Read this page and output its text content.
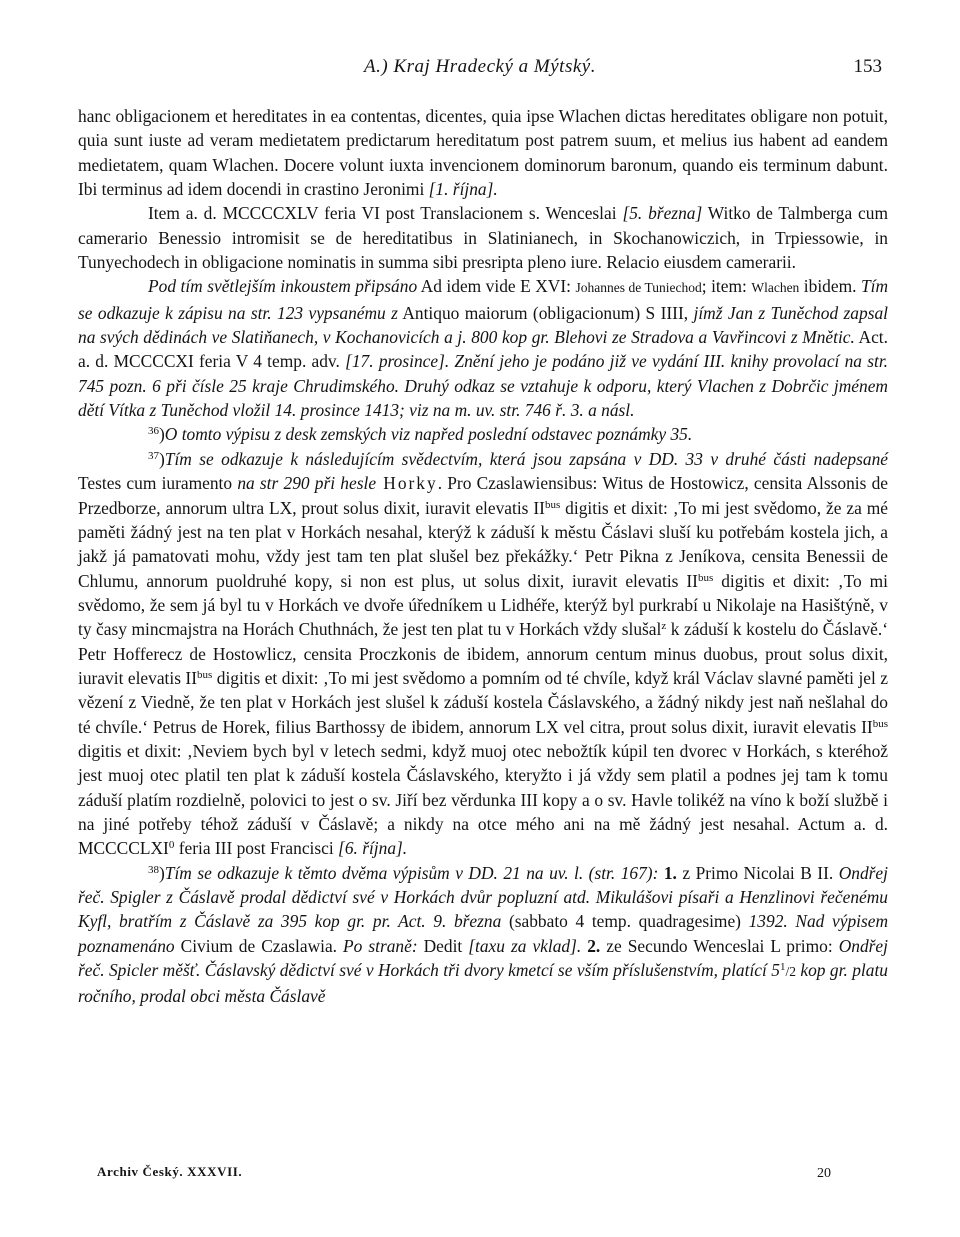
A.) Kraj Hradecký a Mýtský.	153

hanc obligacionem et hereditates in ea contentas, dicentes, quia ipse Wlachen dictas hereditates obligare non potuit, quia sunt iuste ad veram medietatem predictarum hereditatum post patrem suum, et melius ius habent ad eandem medietatem, quam Wlachen. Docere volunt iuxta invencionem dominorum baronum, quando eis terminum dabunt. Ibi terminus ad idem docendi in crastino Jeronimi [1. října].

Item a. d. MCCCCXLV feria VI post Translacionem s. Wenceslai [5. března] Witko de Talmberga cum camerario Benessio intromisit se de hereditatibus in Slatinianech, in Skochanowiczich, in Trpiessowie, in Tunyechodech in obligacione nominatis in summa sibi presripta pleno iure. Relacio eiusdem camerarii.

Pod tím světlejším inkoustem připsáno Ad idem vide E XVI: Johannes de Tuniechod; item: Wlachen ibidem. Tím se odkazuje k zápisu na str. 123 vypsanému z Antiquo maiorum (obligacionum) S IIII, jímž Jan z Tuněchod zapsal na svých dědinách ve Slatiňanech, v Kochanovicích a j. 800 kop gr. Blehovi ze Stradova a Vavřincovi z Mnětic. Act. a. d. MCCCCXI feria V 4 temp. adv. [17. prosince]. Znění jeho je podáno již ve vydání III. knihy provolací na str. 745 pozn. 6 při čísle 25 kraje Chrudimského. Druhý odkaz se vztahuje k odporu, který Vlachen z Dobrčic jménem dětí Vítka z Tuněchod vložil 14. prosince 1413; viz na m. uv. str. 746 ř. 3. a násl.

$^{36}$)O tomto výpisu z desk zemských viz napřed poslední odstavec poznámky 35.

$^{37}$)Tím se odkazuje k následujícím svědectvím, která jsou zapsána v DD. 33 v druhé části nadepsané Testes cum iuramento na str 290 při hesle Horky. Pro Czaslawiensibus: Witus de Hostowicz, censita Alssonis de Przedborze, annorum ultra LX, prout solus dixit, iuravit elevatis $II^{bus}$ digitis et dixit: ‚To mi jest svědomo, že za mé paměti žádný jest na ten plat v Horkách nesahal, kterýž k záduší k městu Čáslavi sluší ku potřebám kostela jich, a jakž já pamatovati mohu, vždy jest tam ten plat slušel bez překážky.‘ Petr Pikna z Jeníkova, censita Benessii de Chlumu, annorum puoldruhé kopy, si non est plus, ut solus dixit, iuravit elevatis $II^{bus}$ digitis et dixit: ‚To mi svědomo, že sem já byl tu v Horkách ve dvoře úředníkem u Lidhéře, kterýž byl purkrabí u Nikolaje na Hasištýně, v ty časy mincmajstra na Horách Chuthnách, že jest ten plat tu v Horkách vždy slušal$^z$ k záduší k kostelu do Čáslavě.‘ Petr Hofferecz de Hostowlicz, censita Proczkonis de ibidem, annorum centum minus duobus, prout solus dixit, iuravit elevatis $II^{bus}$ digitis et dixit: ‚To mi jest svědomo a pomním od té chvíle, když král Václav slavné paměti jel z vězení z Viedně, že ten plat v Horkách jest slušel k záduší kostela Čáslavského, a žádný nikdy jest naň nešlahal do té chvíle.‘ Petrus de Horek, filius Barthossy de ibidem, annorum LX vel citra, prout solus dixit, iuravit elevatis $II^{bus}$ digitis et dixit: ‚Neviem bych byl v letech sedmi, když muoj otec nebožtík kúpil ten dvorec v Horkách, s kteréhož jest muoj otec platil ten plat k záduší kostela Čáslavského, kteryžto i já vždy sem platil a podnes jej tam k tomu záduší platím rozdielně, polovici to jest o sv. Jiří bez věrdunka III kopy a o sv. Havle tolikéž na víno k boží službě i na jiné potřeby téhož záduší v Čáslavě; a nikdy na otce mého ani na mě žádný jest nesahal. Actum a. d. MCCCCLXI$^0$ feria III post Francisci [6. října].

$^{38}$)Tím se odkazuje k těmto dvěma výpisům v DD. 21 na uv. l. (str. 167): 1. z Primo Nicolai B II. Ondřej řeč. Spigler z Čáslavě prodal dědictví své v Horkách dvůr popluzní atd. Mikulášovi písaři a Henzlinovi řečenému Kyfl, bratřím z Čáslavě za 395 kop gr. pr. Act. 9. března (sabbato 4 temp. quadragesime) 1392. Nad výpisem poznamenáno Civium de Czaslawia. Po straně: Dedit [taxu za vklad]. 2. ze Secundo Wenceslai L primo: Ondřej řeč. Spicler měšť. Čáslavský dědictví své v Horkách tři dvory kmetcí se vším příslušenstvím, platící $5^1/2$ kop gr. platu ročního, prodal obci města Čáslavě

Archiv Český. XXXVII.	20
